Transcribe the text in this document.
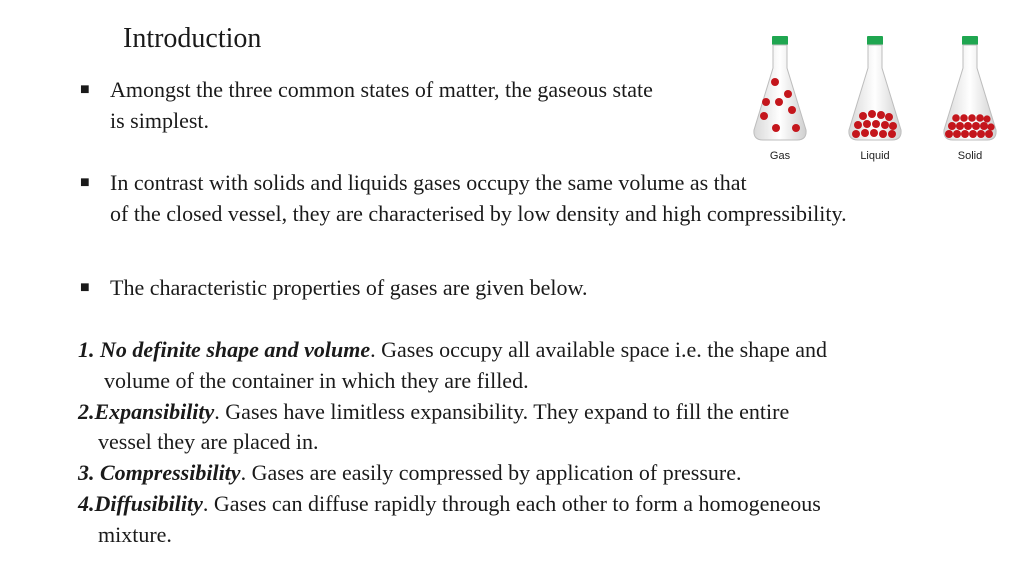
Introduction
■ Amongst the three common states of matter, the gaseous state
is simplest.
■ In contrast with solids and liquids gases occupy the same volume as that
of the closed vessel, they are characterised by low density and high compressibility.
■ The characteristic properties of gases are given below.

1. No definite shape and volume. Gases occupy all available space i.e. the shape and
volume of the container in which they are filled.

2.Expansibility. Gases have limitless expansibility. They expand to fill the entire
vessel they are placed in.

3. Compressibility. Gases are easily compressed by application of pressure.

4.Diffusibility. Gases can diffuse rapidly through each other to form a homogeneous
mixture.

Gas	Liquid	Solid
